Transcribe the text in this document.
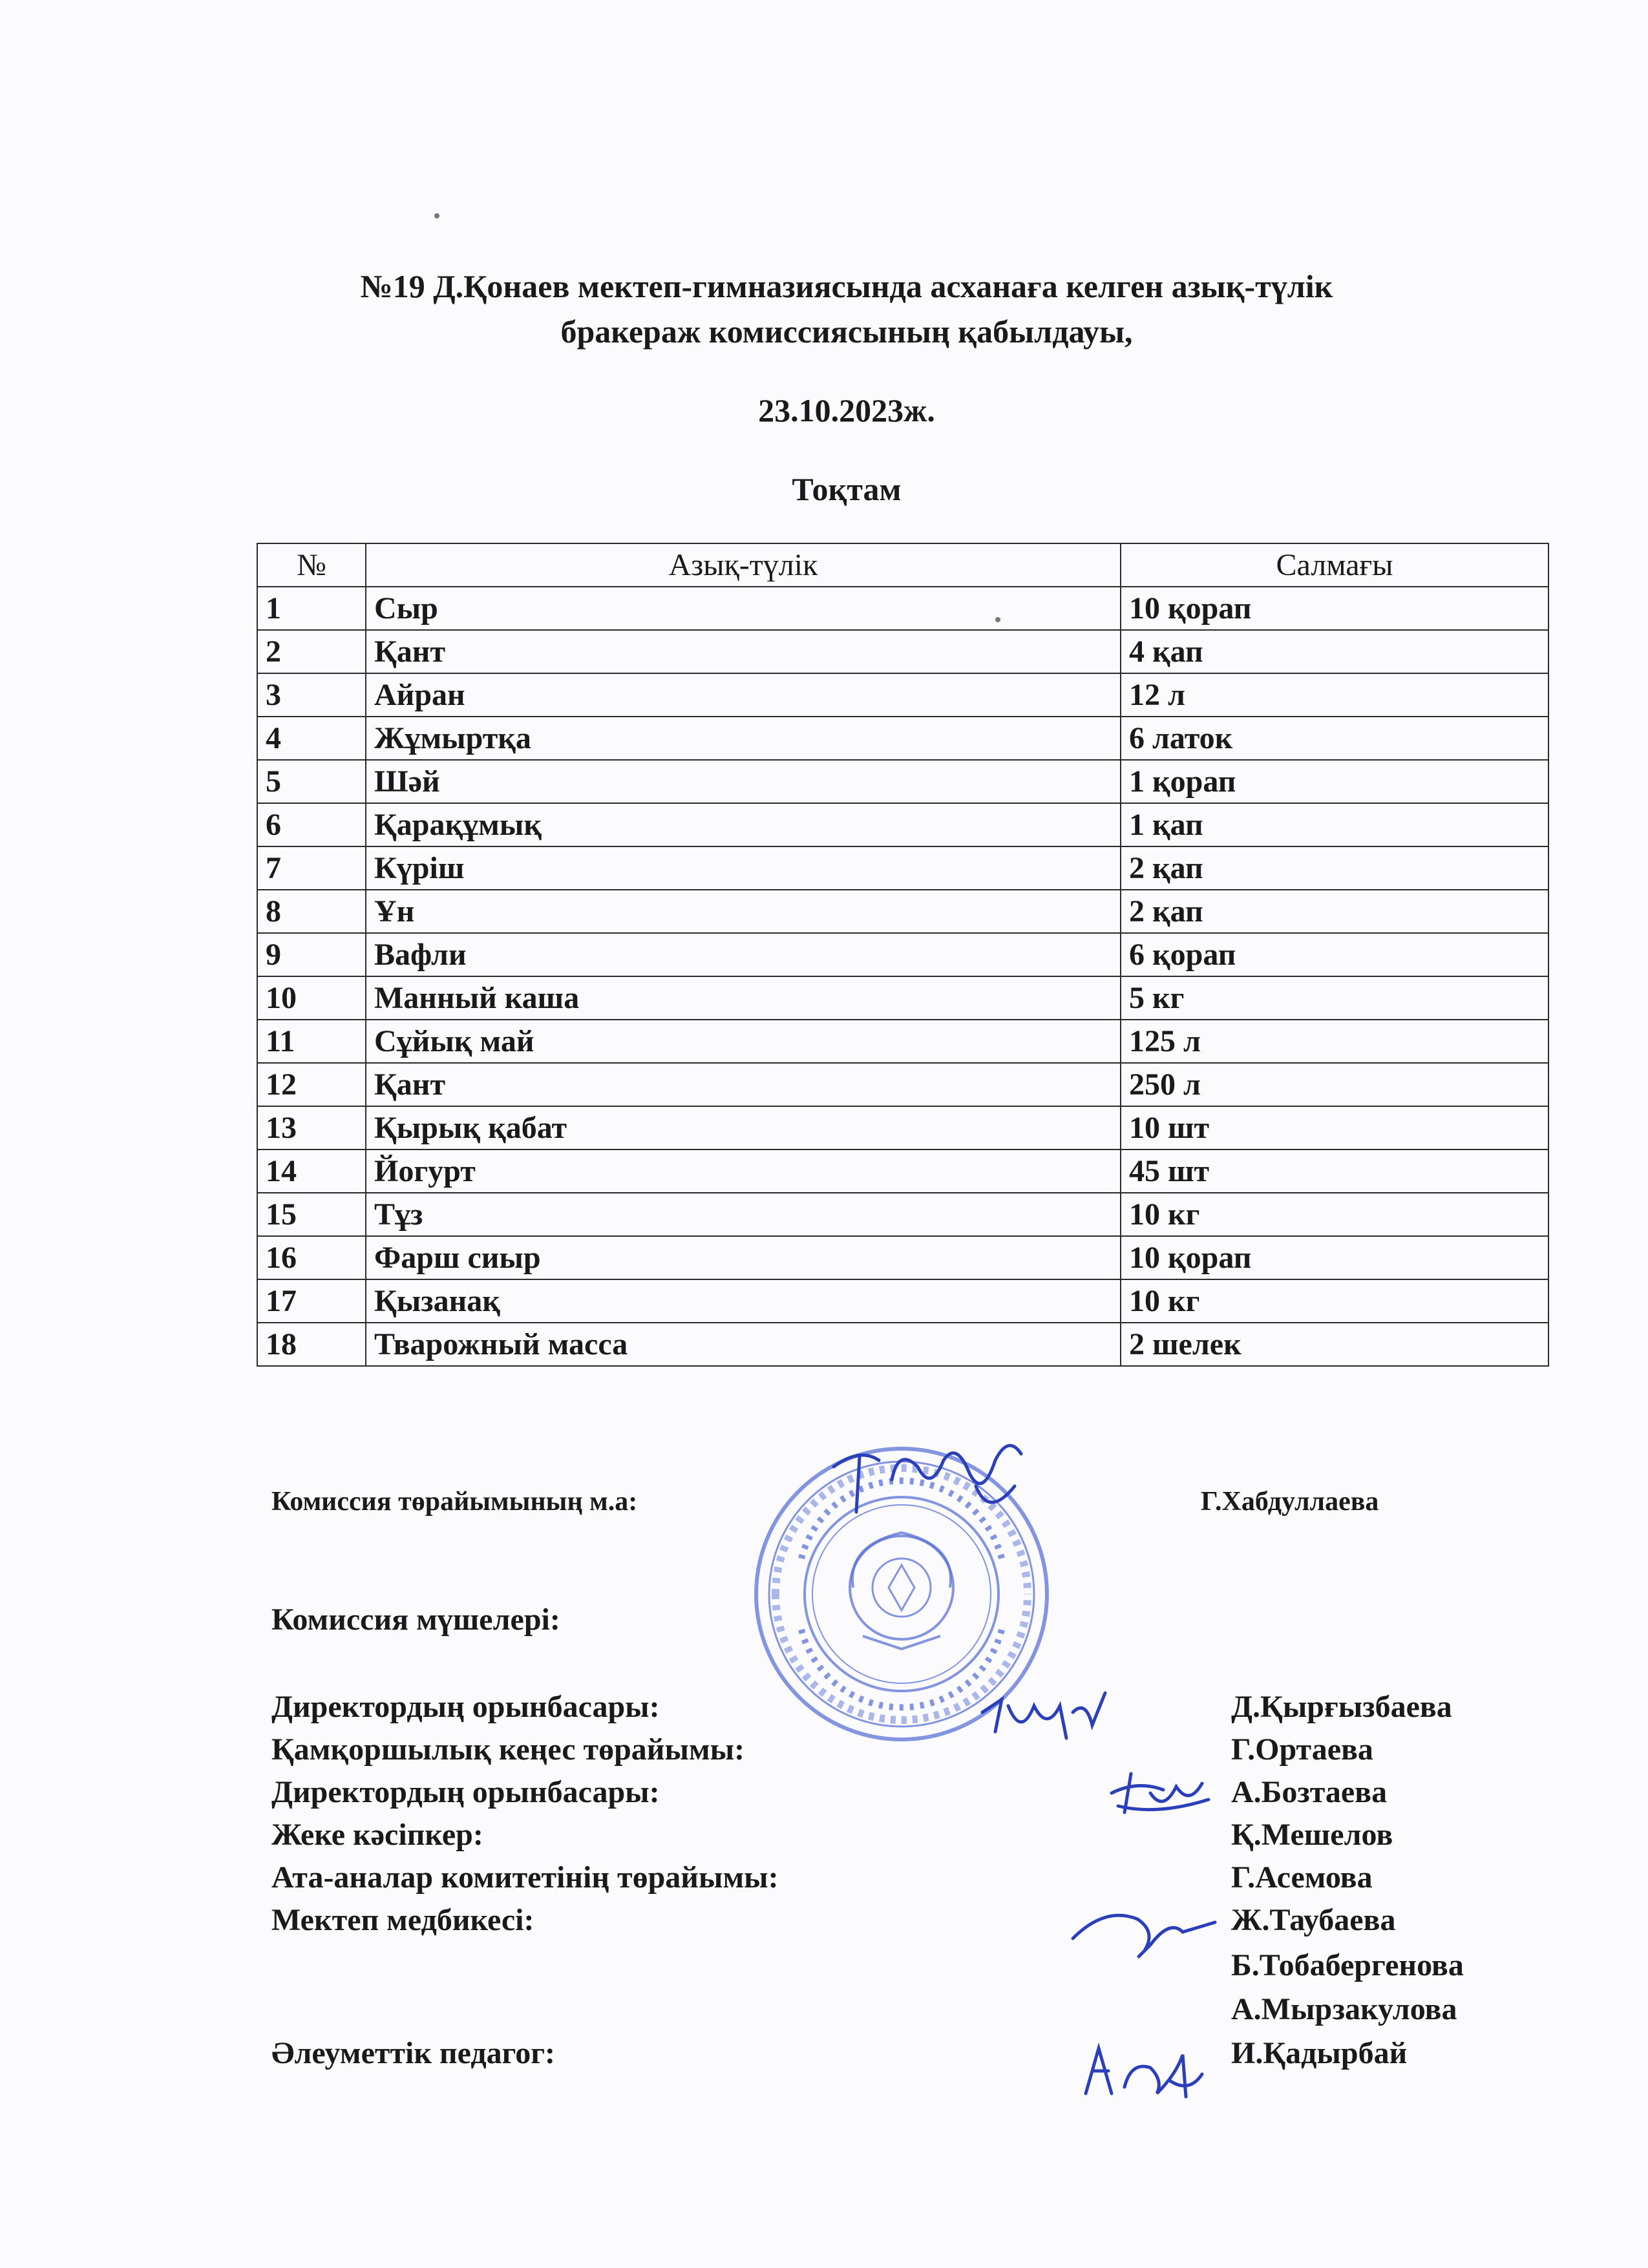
№19 Д.Қонаев мектеп-гимназиясында асханаға келген азық-түлік
бракераж комиссиясының қабылдауы,
23.10.2023ж.
Тоқтам
№	Азық-түлік	Салмағы
1	Сыр	10 қорап
2	Қант	4 қап
3	Айран	12 л
4	Жұмыртқа	6 латок
5	Шәй	1 қорап
6	Қарақұмық	1 қап
7	Күріш	2 қап
8	Ұн	2 қап
9	Вафли	6 қорап
10	Манный каша	5 кг
11	Сұйық май	125 л
12	Қант	250 л
13	Қырық қабат	10 шт
14	Йогурт	45 шт
15	Тұз	10 кг
16	Фарш сиыр	10 қорап
17	Қызанақ	10 кг
18	Тварожный масса	2 шелек
Комиссия төрайымының м.а:	Г.Хабдуллаева
Комиссия мүшелері:
Директордың орынбасары:	Д.Қырғызбаева
Қамқоршылық кеңес төрайымы:	Г.Ортаева
Директордың орынбасары:	А.Бозтаева
Жеке кәсіпкер:	Қ.Мешелов
Ата-аналар комитетінің төрайымы:	Г.Асемова
Мектеп медбикесі:	Ж.Таубаева
Б.Тобабергенова
А.Мырзакулова
Әлеуметтік педагог:	И.Қадырбай
